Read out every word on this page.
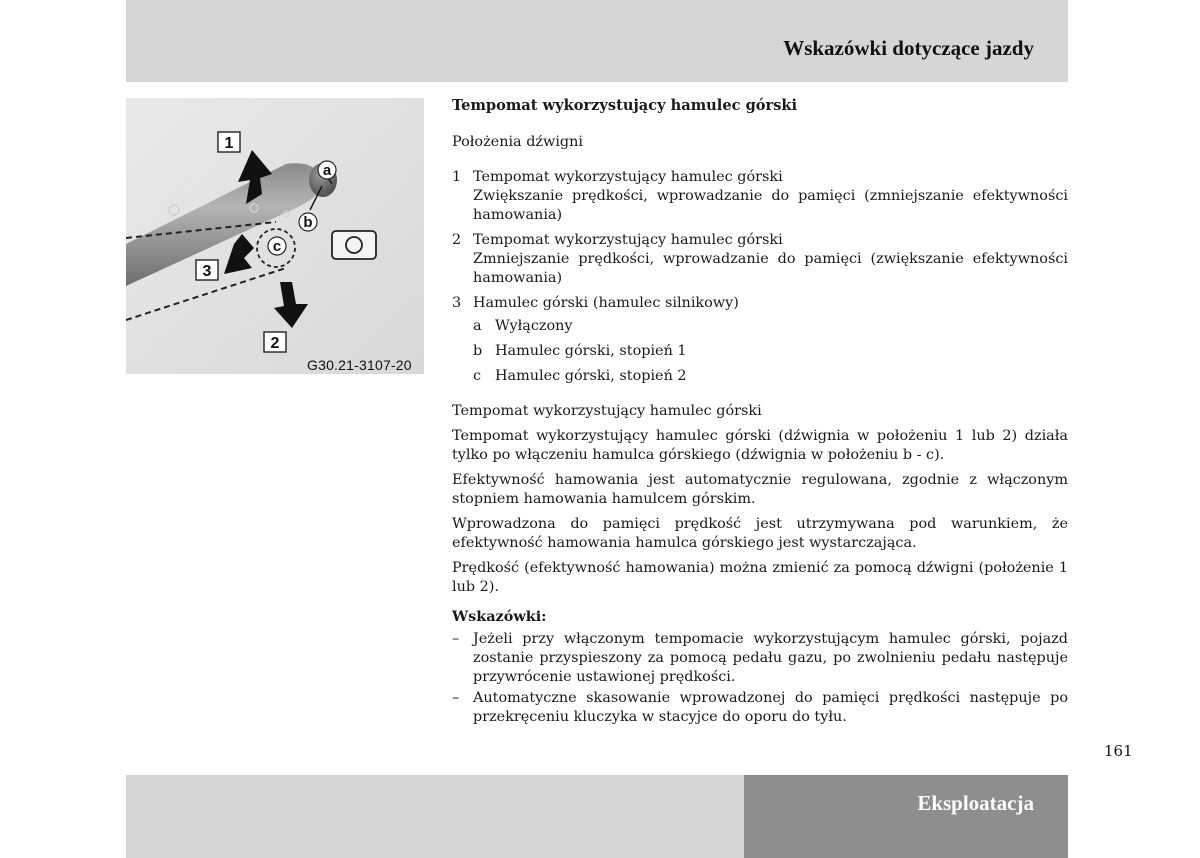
Wskazówki dotyczące jazdy
1
3
2
a
b
c
G30.21-3107-20

Tempomat wykorzystujący hamulec górski

Położenia dźwigni

1 Tempomat wykorzystujący hamulec górski
Zwiększanie prędkości, wprowadzanie do pamięci (zmniejszanie efektywności hamowania)
2 Tempomat wykorzystujący hamulec górski
Zmniejszanie prędkości, wprowadzanie do pamięci (zwiększanie efektywności hamowania)
3 Hamulec górski (hamulec silnikowy)
a Wyłączony
b Hamulec górski, stopień 1
c Hamulec górski, stopień 2

Tempomat wykorzystujący hamulec górski

Tempomat wykorzystujący hamulec górski (dźwignia w położeniu 1 lub 2) działa tylko po włączeniu hamulca górskiego (dźwignia w położeniu b - c).

Efektywność hamowania jest automatycznie regulowana, zgodnie z włączonym stopniem hamowania hamulcem górskim.

Wprowadzona do pamięci prędkość jest utrzymywana pod warunkiem, że efektywność hamowania hamulca górskiego jest wystarczająca.

Prędkość (efektywność hamowania) można zmienić za pomocą dźwigni (położenie 1 lub 2).

Wskazówki:

– Jeżeli przy włączonym tempomacie wykorzystującym hamulec górski, pojazd zostanie przyspieszony za pomocą pedału gazu, po zwolnieniu pedału następuje przywrócenie ustawionej prędkości.
– Automatyczne skasowanie wprowadzonej do pamięci prędkości następuje po przekręceniu kluczyka w stacyjce do oporu do tyłu.
161
Eksploatacja
